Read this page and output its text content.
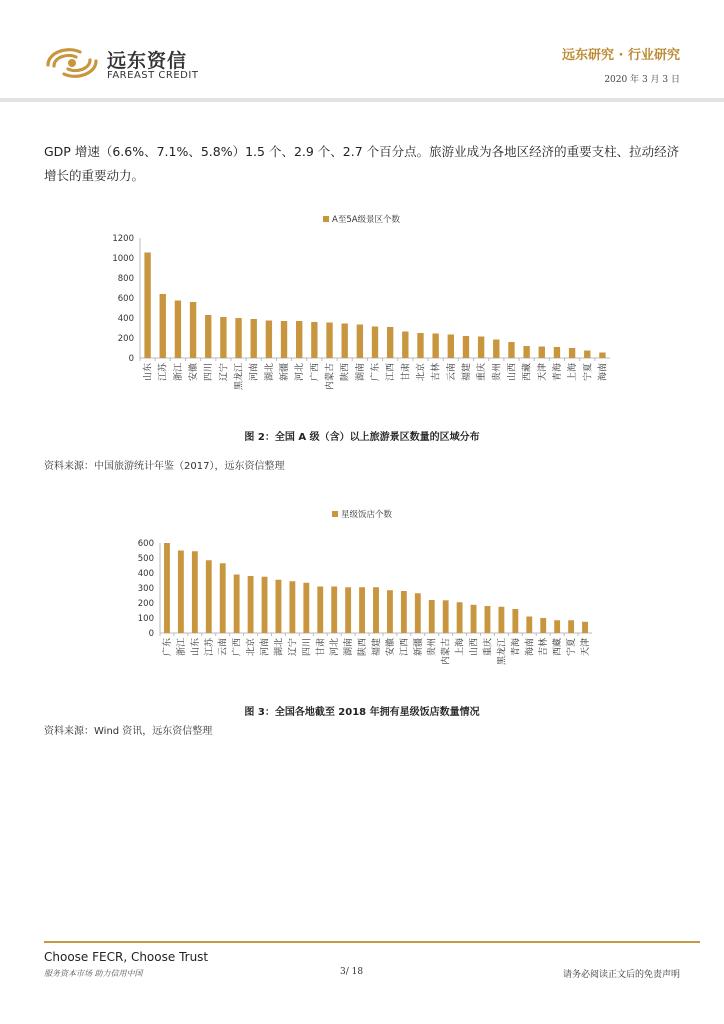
远东资信
FAREAST CREDIT
远东研究 · 行业研究
2020 年 3 月 3 日
GDP 增速（6.6%、7.1%、5.8%）1.5 个、2.9 个、2.7 个百分点。旅游业成为各地区经济的重要支柱、拉动经济增长的重要动力。
A至5A级景区个数
0
200
400
600
800
1000
1200
山东 江苏 浙江 安徽 四川 辽宁 黑龙江 河南 湖北 新疆 河北 广西 内蒙古 陕西 湖南 广东 江西 甘肃 北京 吉林 云南 福建 重庆 贵州 山西 西藏 天津 青海 上海 宁夏 海南
图 2：全国 A 级（含）以上旅游景区数量的区域分布
资料来源：中国旅游统计年鉴（2017），远东资信整理
星级饭店个数
0
100
200
300
400
500
600
广东 浙江 山东 江苏 云南 广西 北京 河南 湖北 辽宁 四川 甘肃 河北 湖南 陕西 福建 安徽 江西 新疆 贵州 内蒙古 上海 山西 重庆 黑龙江 青海 海南 吉林 西藏 宁夏 天津
图 3：全国各地截至 2018 年拥有星级饭店数量情况
资料来源：Wind 资讯，远东资信整理
Choose FECR, Choose Trust
服务资本市场 助力信用中国	3/ 18	请务必阅读正文后的免责声明
